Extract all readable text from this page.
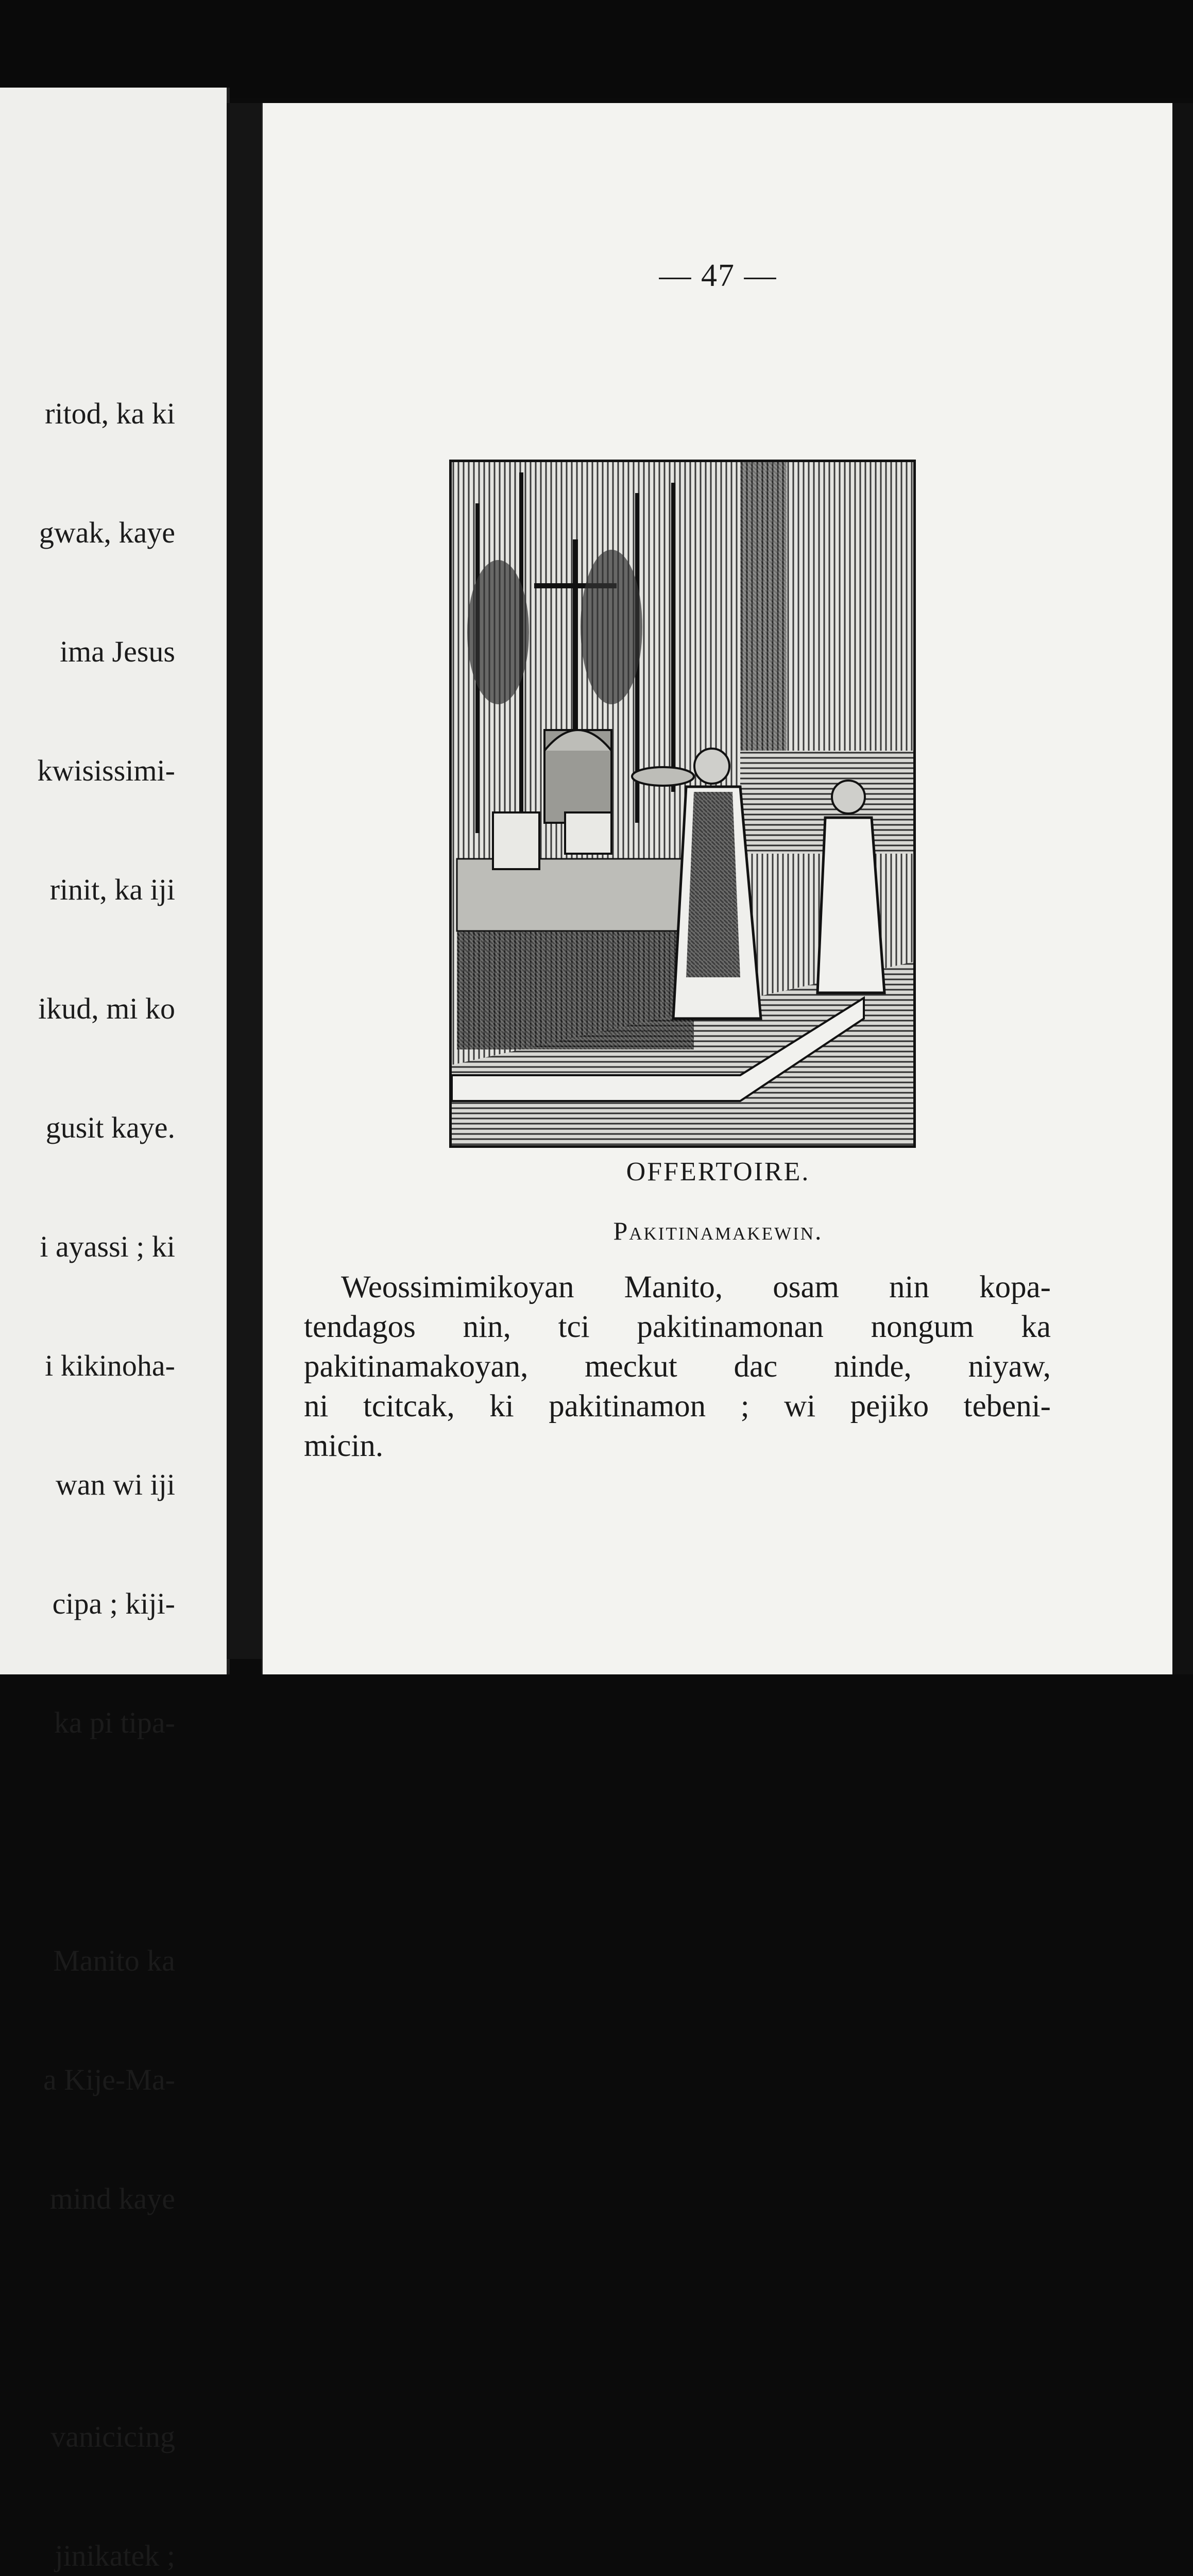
ritod, ka ki

gwak, kaye

ima Jesus

kwisissimi-

rinit, ka iji

ikud, mi ko

gusit kaye.

i ayassi ; ki

i kikinoha-

wan wi iji

cipa ; kiji-

ka pi tipa-

Manito ka

a Kije-Ma-

mind kaye

vanicicing

jinikatek ;

— 47 —
OFFERTOIRE.
Pakitinamakewin.
Weossimimikoyan Manito, osam nin kopa-
tendagos nin, tci pakitinamonan nongum ka
pakitinamakoyan, meckut dac ninde, niyaw,
ni tcitcak, ki pakitinamon ; wi pejiko tebeni-
micin.
